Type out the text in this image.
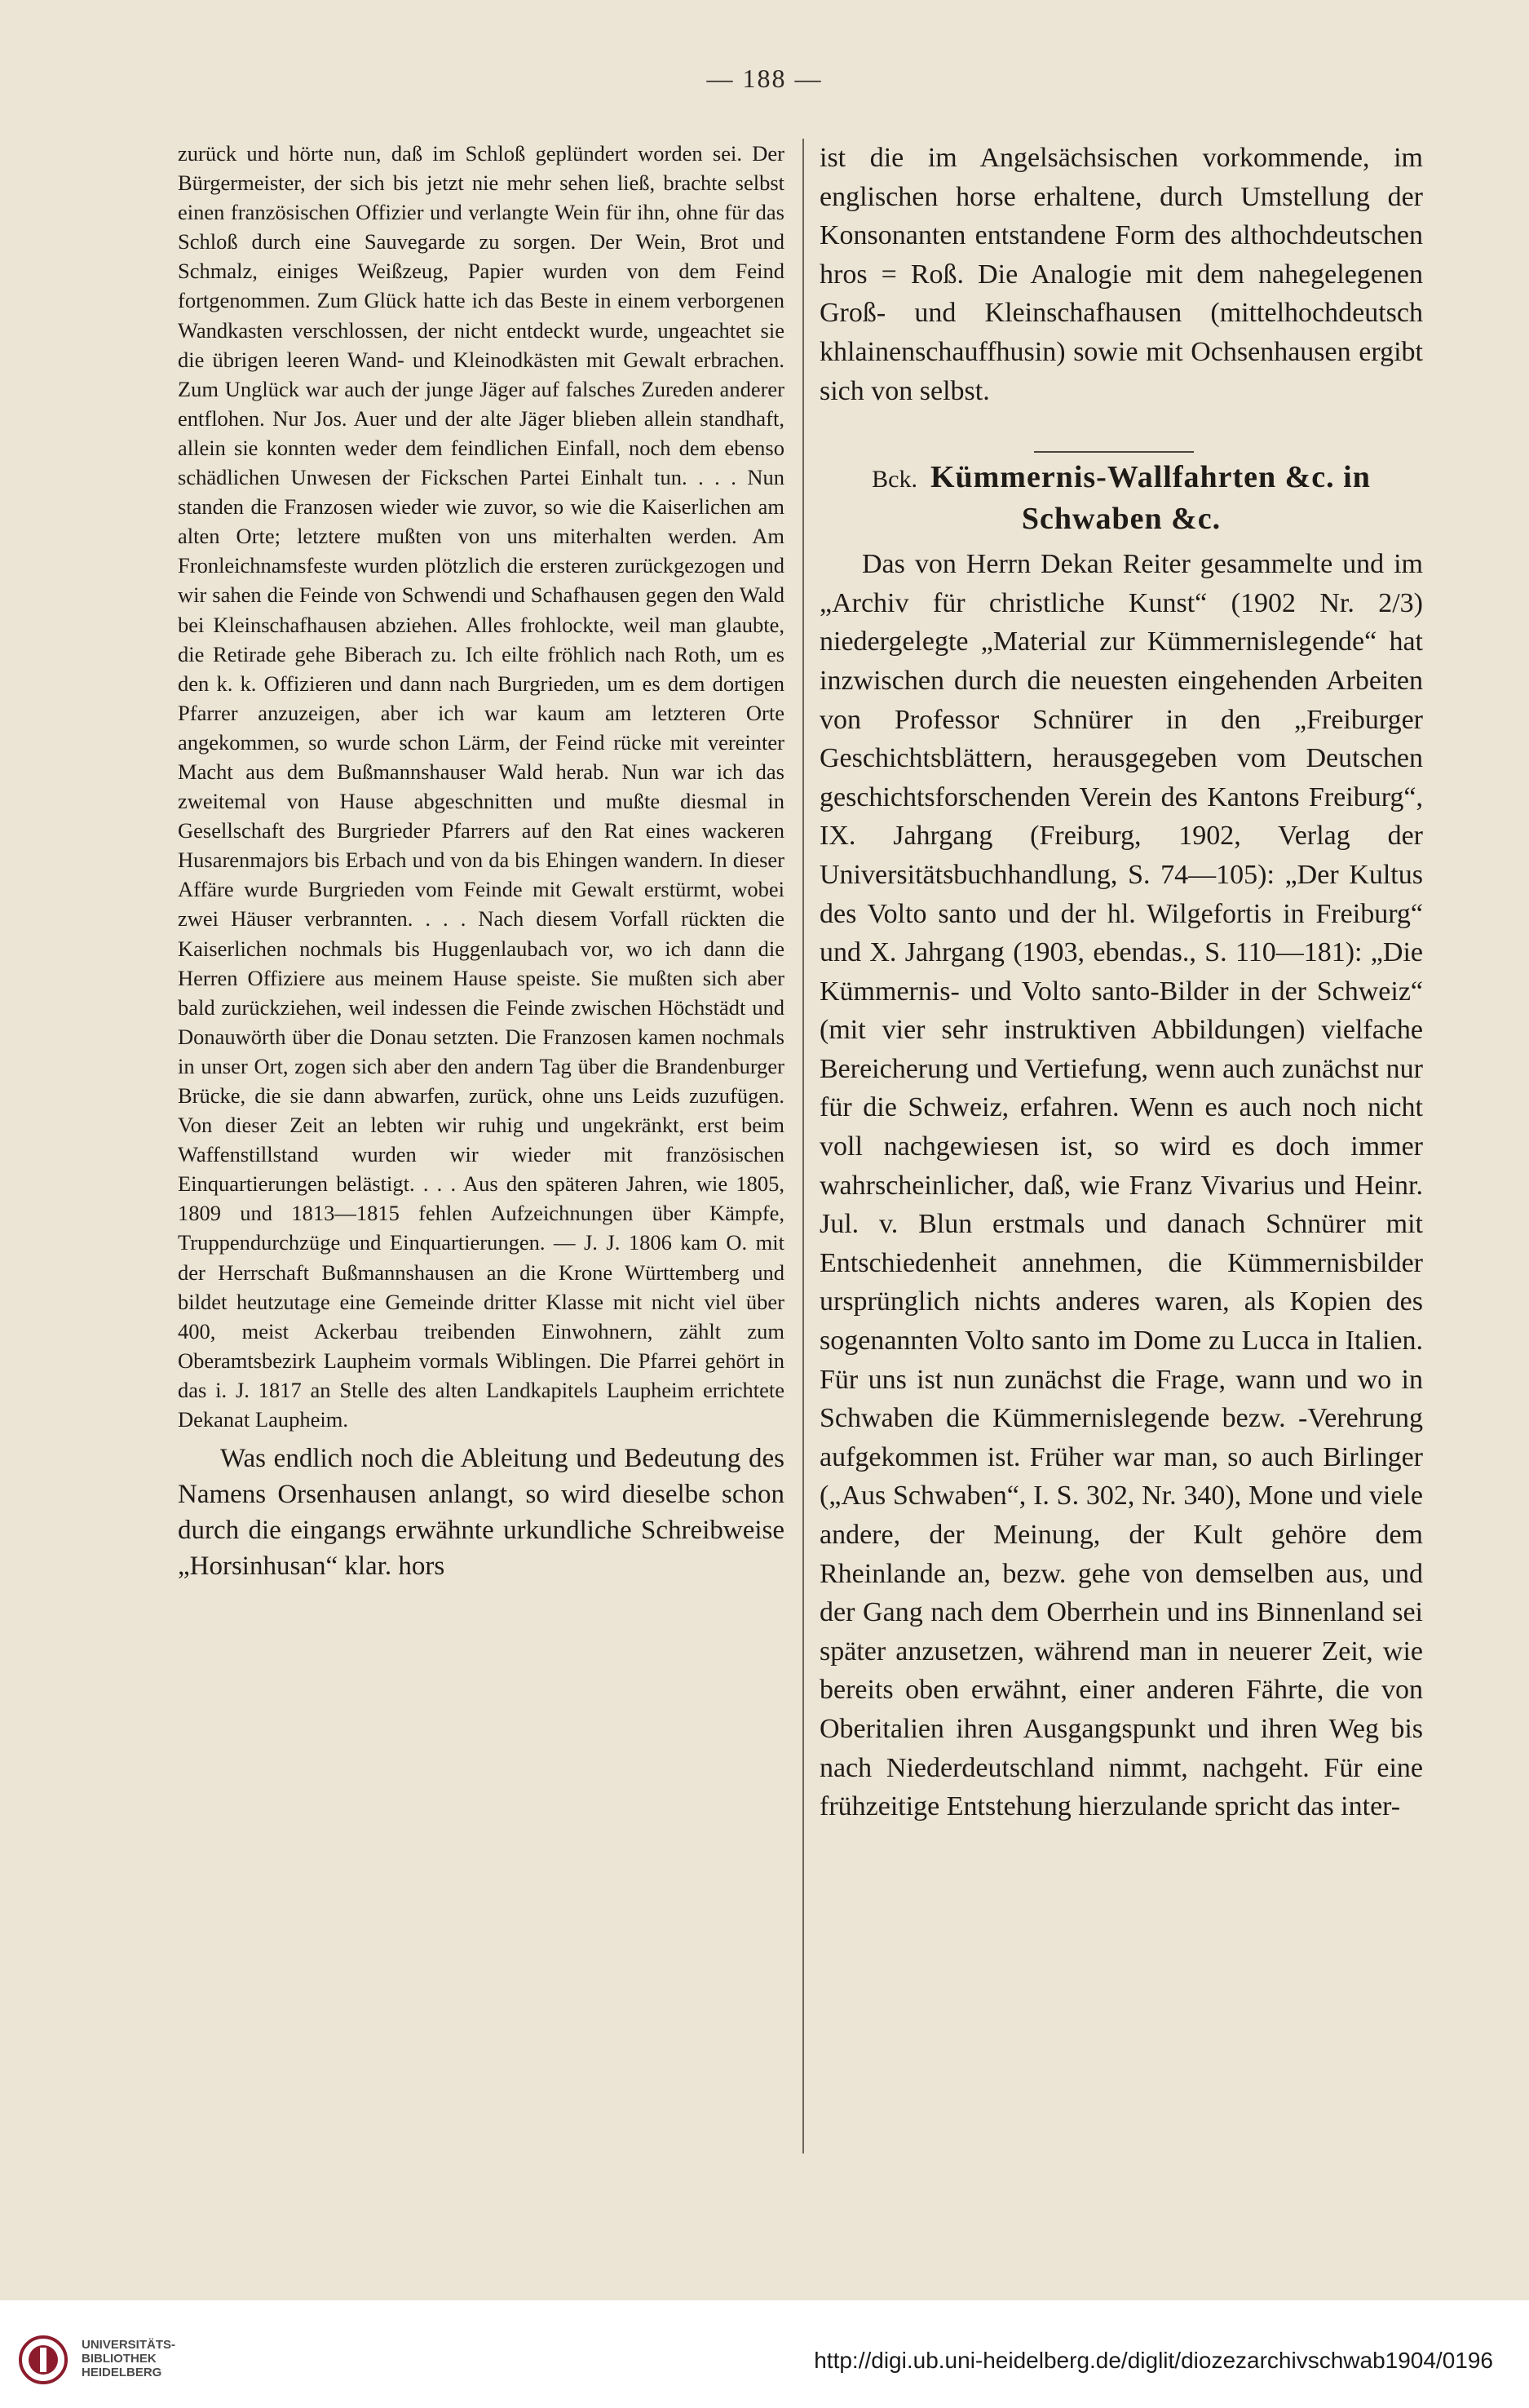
— 188 —

zurück und hörte nun, daß im Schloß geplündert worden sei. Der Bürgermeister, der sich bis jetzt nie mehr sehen ließ, brachte selbst einen französischen Offizier und verlangte Wein für ihn, ohne für das Schloß durch eine Sauvegarde zu sorgen. Der Wein, Brot und Schmalz, einiges Weißzeug, Papier wurden von dem Feind fortgenommen. Zum Glück hatte ich das Beste in einem verborgenen Wandkasten verschlossen, der nicht entdeckt wurde, ungeachtet sie die übrigen leeren Wand- und Kleinodkästen mit Gewalt erbrachen. Zum Unglück war auch der junge Jäger auf falsches Zureden anderer entflohen. Nur Jos. Auer und der alte Jäger blieben allein standhaft, allein sie konnten weder dem feindlichen Einfall, noch dem ebenso schädlichen Unwesen der Fickschen Partei Einhalt tun. . . . Nun standen die Franzosen wieder wie zuvor, so wie die Kaiserlichen am alten Orte; letztere mußten von uns miterhalten werden. Am Fronleichnamsfeste wurden plötzlich die ersteren zurückgezogen und wir sahen die Feinde von Schwendi und Schafhausen gegen den Wald bei Kleinschafhausen abziehen. Alles frohlockte, weil man glaubte, die Retirade gehe Biberach zu. Ich eilte fröhlich nach Roth, um es den k. k. Offizieren und dann nach Burgrieden, um es dem dortigen Pfarrer anzuzeigen, aber ich war kaum am letzteren Orte angekommen, so wurde schon Lärm, der Feind rücke mit vereinter Macht aus dem Bußmannshauser Wald herab. Nun war ich das zweitemal von Hause abgeschnitten und mußte diesmal in Gesellschaft des Burgrieder Pfarrers auf den Rat eines wackeren Husarenmajors bis Erbach und von da bis Ehingen wandern. In dieser Affäre wurde Burgrieden vom Feinde mit Gewalt erstürmt, wobei zwei Häuser verbrannten. . . . Nach diesem Vorfall rückten die Kaiserlichen nochmals bis Huggenlaubach vor, wo ich dann die Herren Offiziere aus meinem Hause speiste. Sie mußten sich aber bald zurückziehen, weil indessen die Feinde zwischen Höchstädt und Donauwörth über die Donau setzten. Die Franzosen kamen nochmals in unser Ort, zogen sich aber den andern Tag über die Brandenburger Brücke, die sie dann abwarfen, zurück, ohne uns Leids zuzufügen. Von dieser Zeit an lebten wir ruhig und ungekränkt, erst beim Waffenstillstand wurden wir wieder mit französischen Einquartierungen belästigt. . . . Aus den späteren Jahren, wie 1805, 1809 und 1813—1815 fehlen Aufzeichnungen über Kämpfe, Truppendurchzüge und Einquartierungen. — J. J. 1806 kam O. mit der Herrschaft Bußmannshausen an die Krone Württemberg und bildet heutzutage eine Gemeinde dritter Klasse mit nicht viel über 400, meist Ackerbau treibenden Einwohnern, zählt zum Oberamtsbezirk Laupheim vormals Wiblingen. Die Pfarrei gehört in das i. J. 1817 an Stelle des alten Landkapitels Laupheim errichtete Dekanat Laupheim.

Was endlich noch die Ableitung und Bedeutung des Namens Orsenhausen anlangt, so wird dieselbe schon durch die eingangs erwähnte urkundliche Schreibweise „Horsinhusan“ klar. hors

ist die im Angelsächsischen vorkommende, im englischen horse erhaltene, durch Umstellung der Konsonanten entstandene Form des althochdeutschen hros = Roß. Die Analogie mit dem nahegelegenen Groß- und Kleinschafhausen (mittelhochdeutsch khlainenschauffhusin) sowie mit Ochsenhausen ergibt sich von selbst.

Bck. Kümmernis-Wallfahrten &c. in Schwaben &c.

Das von Herrn Dekan Reiter gesammelte und im „Archiv für christliche Kunst“ (1902 Nr. 2/3) niedergelegte „Material zur Kümmernislegende“ hat inzwischen durch die neuesten eingehenden Arbeiten von Professor Schnürer in den „Freiburger Geschichtsblättern, herausgegeben vom Deutschen geschichtsforschenden Verein des Kantons Freiburg“, IX. Jahrgang (Freiburg, 1902, Verlag der Universitätsbuchhandlung, S. 74—105): „Der Kultus des Volto santo und der hl. Wilgefortis in Freiburg“ und X. Jahrgang (1903, ebendas., S. 110—181): „Die Kümmernis- und Volto santo-Bilder in der Schweiz“ (mit vier sehr instruktiven Abbildungen) vielfache Bereicherung und Vertiefung, wenn auch zunächst nur für die Schweiz, erfahren. Wenn es auch noch nicht voll nachgewiesen ist, so wird es doch immer wahrscheinlicher, daß, wie Franz Vivarius und Heinr. Jul. v. Blun erstmals und danach Schnürer mit Entschiedenheit annehmen, die Kümmernisbilder ursprünglich nichts anderes waren, als Kopien des sogenannten Volto santo im Dome zu Lucca in Italien. Für uns ist nun zunächst die Frage, wann und wo in Schwaben die Kümmernislegende bezw. -Verehrung aufgekommen ist. Früher war man, so auch Birlinger („Aus Schwaben“, I. S. 302, Nr. 340), Mone und viele andere, der Meinung, der Kult gehöre dem Rheinlande an, bezw. gehe von demselben aus, und der Gang nach dem Oberrhein und ins Binnenland sei später anzusetzen, während man in neuerer Zeit, wie bereits oben erwähnt, einer anderen Fährte, die von Oberitalien ihren Ausgangspunkt und ihren Weg bis nach Niederdeutschland nimmt, nachgeht. Für eine frühzeitige Entstehung hierzulande spricht das inter-

UNIVERSITÄTS-
BIBLIOTHEK
HEIDELBERG	http://digi.ub.uni-heidelberg.de/diglit/diozezarchivschwab1904/0196
